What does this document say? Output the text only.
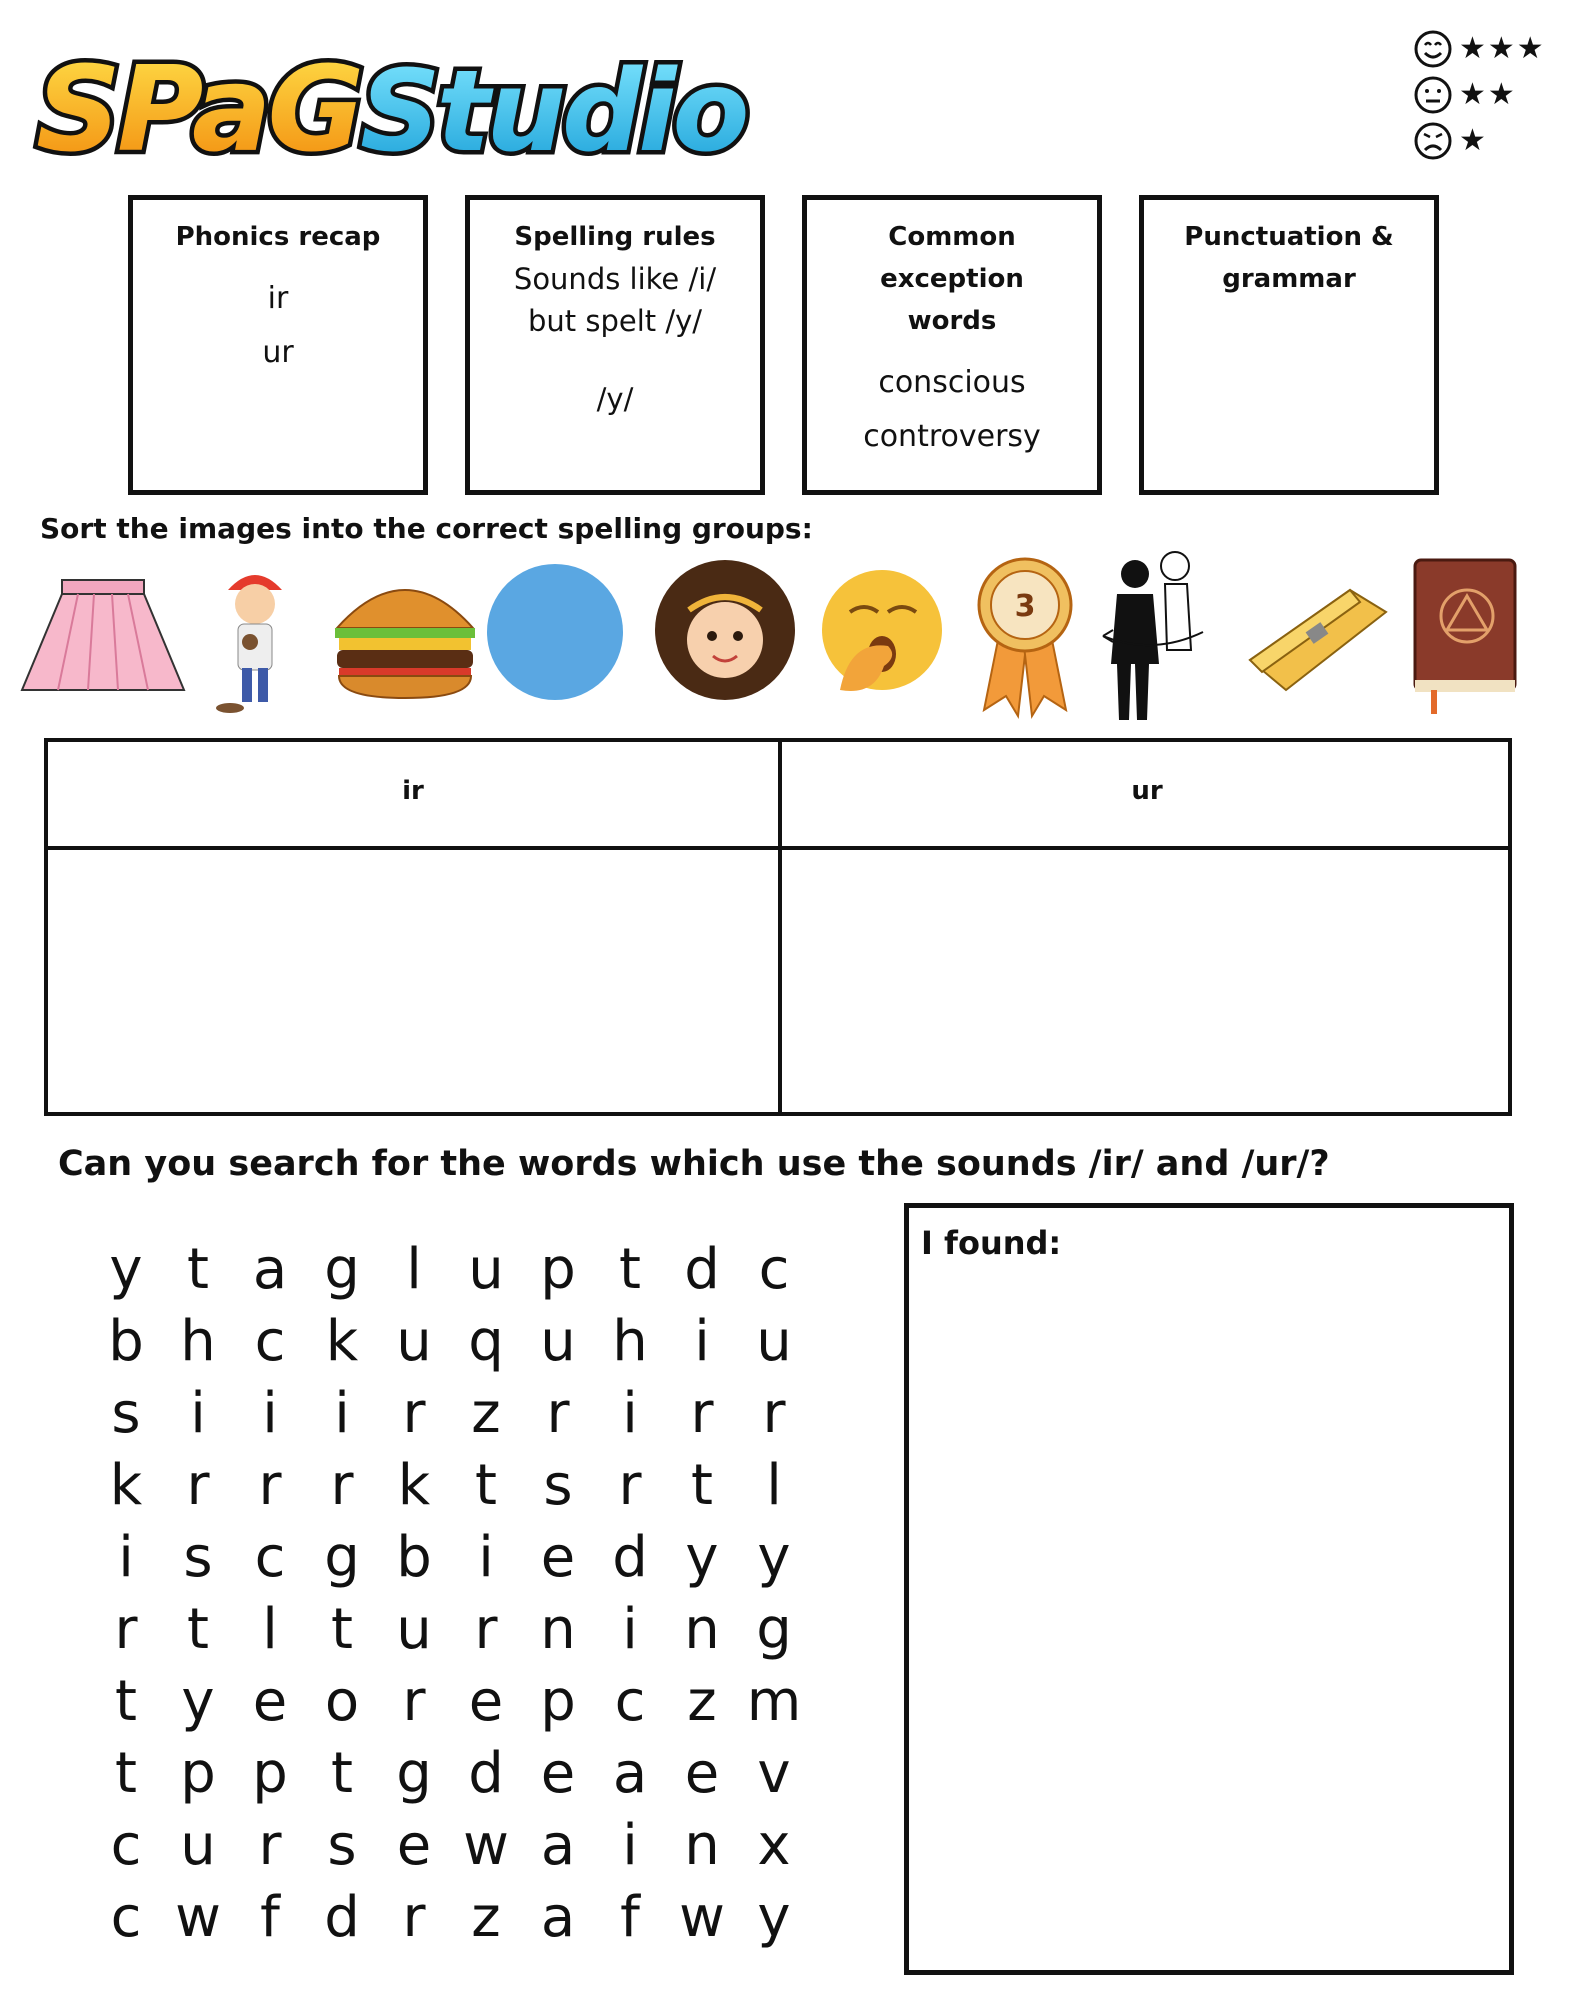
SPaG Studio	★★★
★★
★
Phonics recap
ir
ur
Spelling rules
Sounds like /i/
but spelt /y/
/y/
Common exception
words
conscious
controversy
Punctuation &
grammar
Sort the images into the correct spelling groups:
3
ir	ur
Can you search for the words which use the sounds /ir/ and /ur/?
y t a g l u p t d c
b h c k u q u h i u
s i	i	i r z r i r r
k r r r k t s r t l
i s c g b i e d y y
r t l t u r n i n g
t y e o r e p c z m
t p p t g d e a e v
c u r s e w a i n x
c w f d r z a f w y
I found:
